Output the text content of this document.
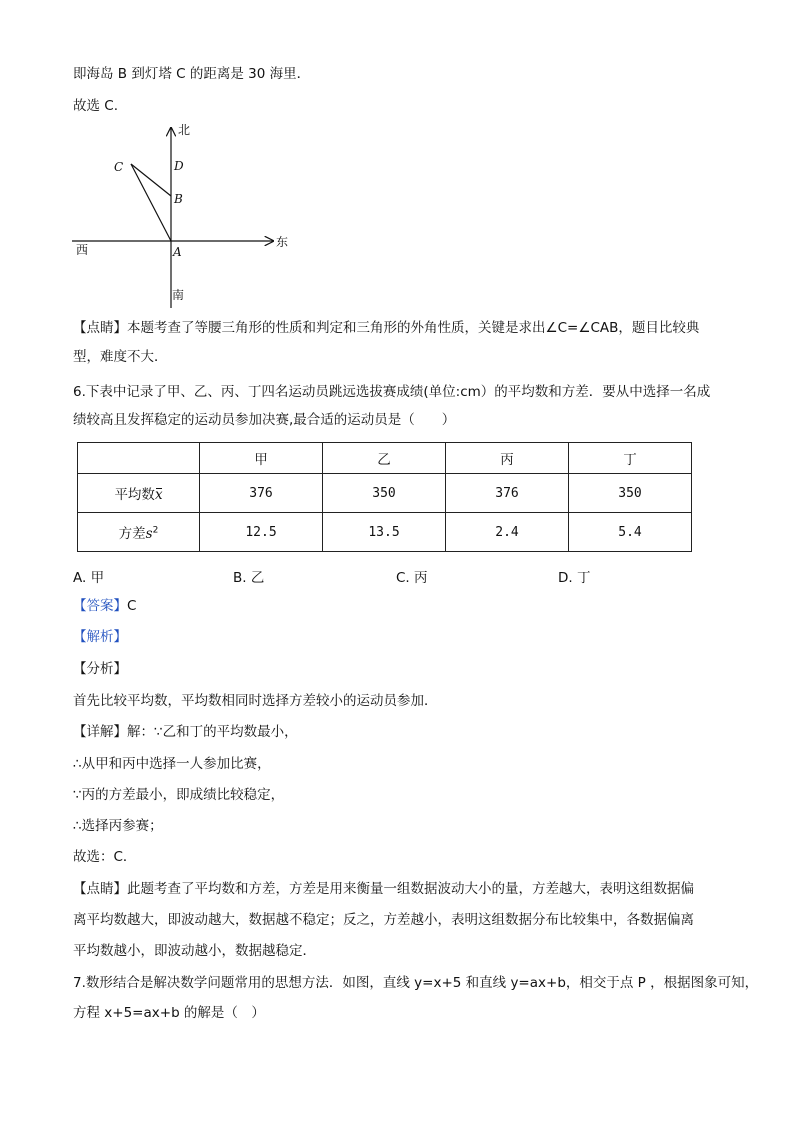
即海岛 B 到灯塔 C 的距离是 30 海里．
故选 C.
北
D
C
B
东
西	A
南
【点睛】本题考查了等腰三角形的性质和判定和三角形的外角性质，关键是求出∠C=∠CAB，题目比较典
型，难度不大．
6.下表中记录了甲、乙、丙、丁四名运动员跳远选拔赛成绩(单位:cm）的平均数和方差．要从中选择一名成
绩较高且发挥稳定的运动员参加决赛,最合适的运动员是（　　）
	甲	乙	丙	丁
平均数x	376	350	376	350
方差$s^2$	12.5	13.5	2.4	5.4
A. 甲	B. 乙	C. 丙	D. 丁
【答案】C
【解析】
【分析】
首先比较平均数，平均数相同时选择方差较小的运动员参加．
【详解】解：∵乙和丁的平均数最小，
∴从甲和丙中选择一人参加比赛，
∵丙的方差最小，即成绩比较稳定，
∴选择丙参赛；
故选：C．
【点睛】此题考查了平均数和方差，方差是用来衡量一组数据波动大小的量，方差越大，表明这组数据偏
离平均数越大，即波动越大，数据越不稳定；反之，方差越小，表明这组数据分布比较集中，各数据偏离
平均数越小，即波动越小，数据越稳定．
7.数形结合是解决数学问题常用的思想方法．如图，直线 y=x+5 和直线 y=ax+b，相交于点 P ，根据图象可知，
方程 x+5=ax+b 的解是（　）
